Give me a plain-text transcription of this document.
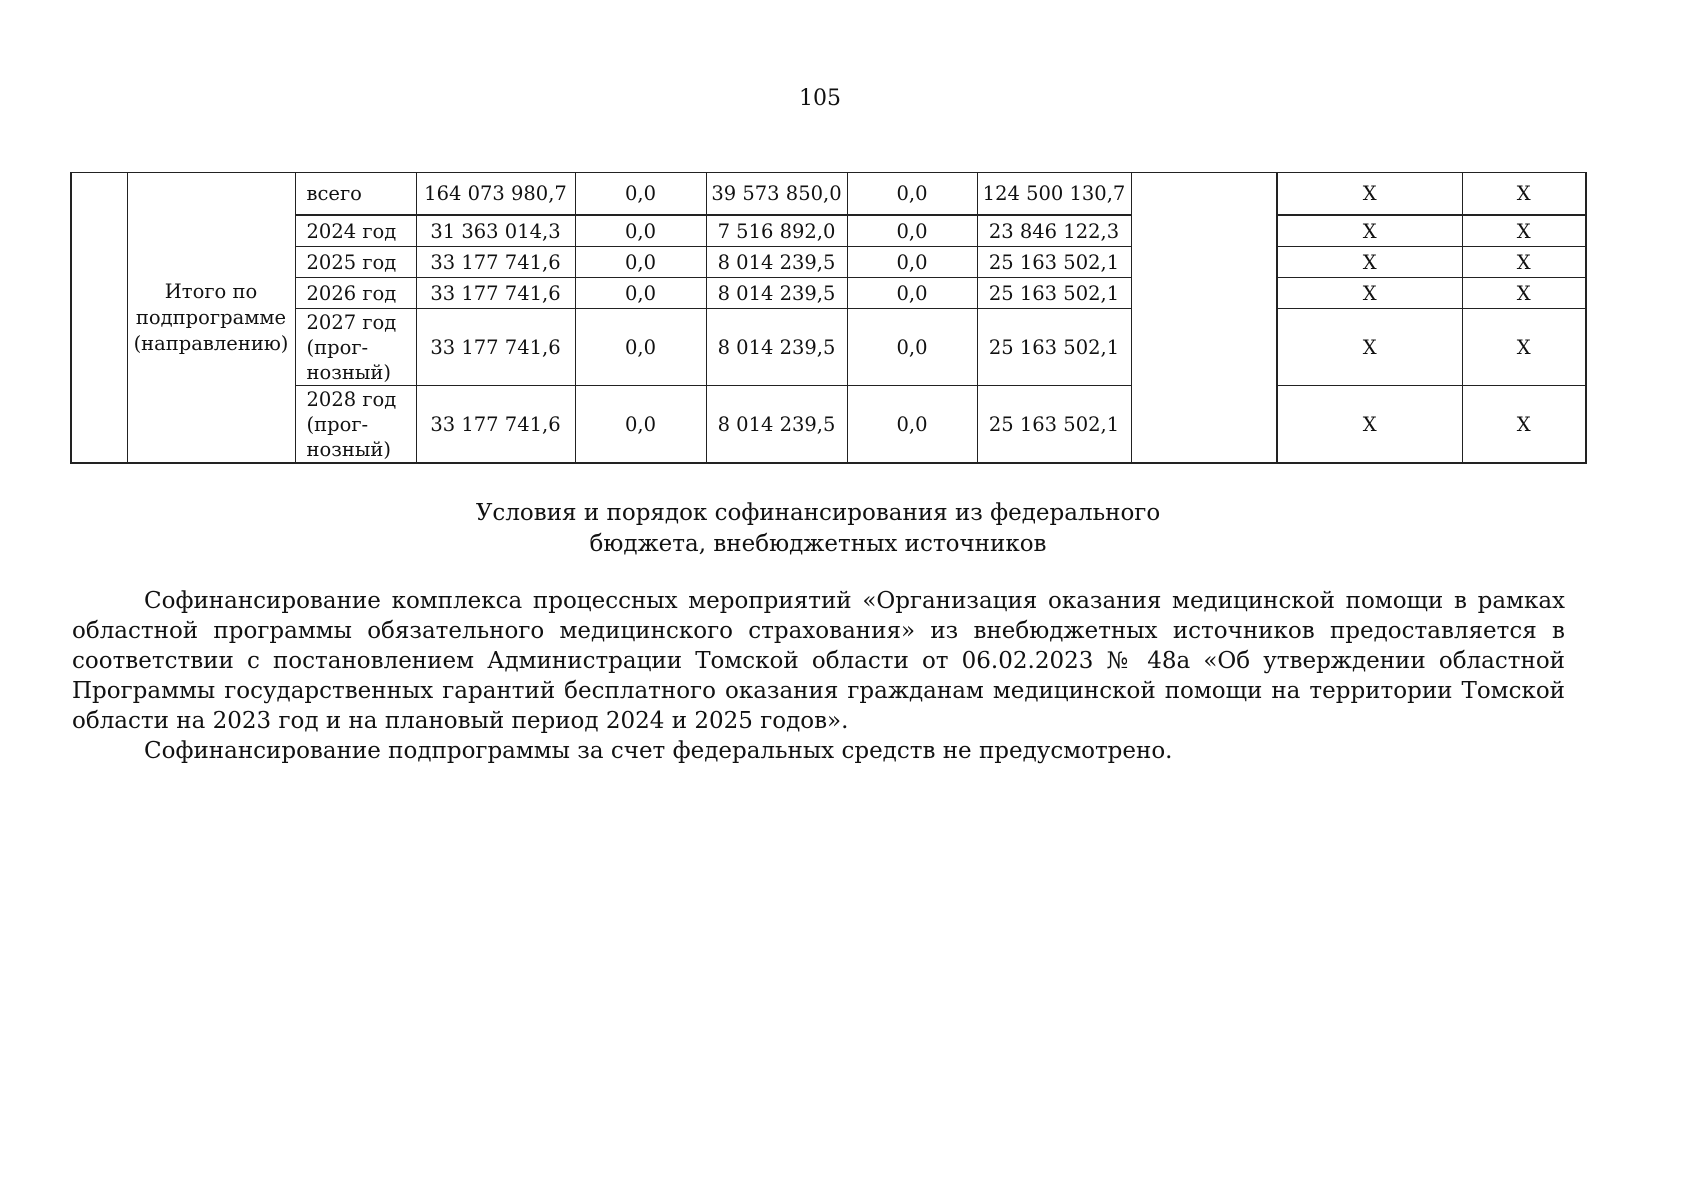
105
	Итого по подпрограмме (направлению)	всего	164 073 980,7	0,0	39 573 850,0	0,0	124 500 130,7		Х	Х
		2024 год	31 363 014,3	0,0	7 516 892,0	0,0	23 846 122,3		Х	Х
		2025 год	33 177 741,6	0,0	8 014 239,5	0,0	25 163 502,1		Х	Х
		2026 год	33 177 741,6	0,0	8 014 239,5	0,0	25 163 502,1		Х	Х
		2027 год (прог-нозный)	33 177 741,6	0,0	8 014 239,5	0,0	25 163 502,1		Х	Х
		2028 год (прог-нозный)	33 177 741,6	0,0	8 014 239,5	0,0	25 163 502,1		Х	Х
Условия и порядок софинансирования из федерального
бюджета, внебюджетных источников

Софинансирование комплекса процессных мероприятий «Организация оказания медицинской помощи в рамках областной программы обязательного медицинского страхования» из внебюджетных источников предоставляется в соответствии с постановлением Администрации Томской области от 06.02.2023 № 48а «Об утверждении областной Программы государственных гарантий бесплатного оказания гражданам медицинской помощи на территории Томской области на 2023 год и на плановый период 2024 и 2025 годов».

Софинансирование подпрограммы за счет федеральных средств не предусмотрено.
